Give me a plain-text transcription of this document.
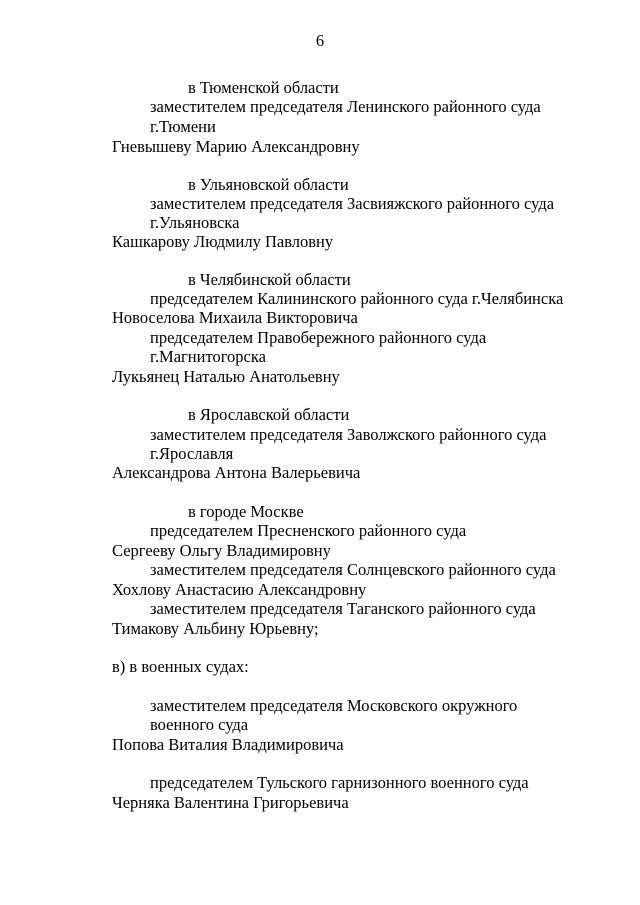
6
в Тюменской области
заместителем председателя Ленинского районного суда
г.Тюмени
Гневышеву Марию Александровну
в Ульяновской области
заместителем председателя Засвияжского районного суда
г.Ульяновска
Кашкарову Людмилу Павловну
в Челябинской области
председателем Калининского районного суда г.Челябинска
Новоселова Михаила Викторовича
председателем Правобережного районного суда
г.Магнитогорска
Лукьянец Наталью Анатольевну
в Ярославской области
заместителем председателя Заволжского районного суда
г.Ярославля
Александрова Антона Валерьевича
в городе Москве
председателем Пресненского районного суда
Сергееву Ольгу Владимировну
заместителем председателя Солнцевского районного суда
Хохлову Анастасию Александровну
заместителем председателя Таганского районного суда
Тимакову Альбину Юрьевну;
в) в военных судах:
заместителем председателя Московского окружного
военного суда
Попова Виталия Владимировича
председателем Тульского гарнизонного военного суда
Черняка Валентина Григорьевича
